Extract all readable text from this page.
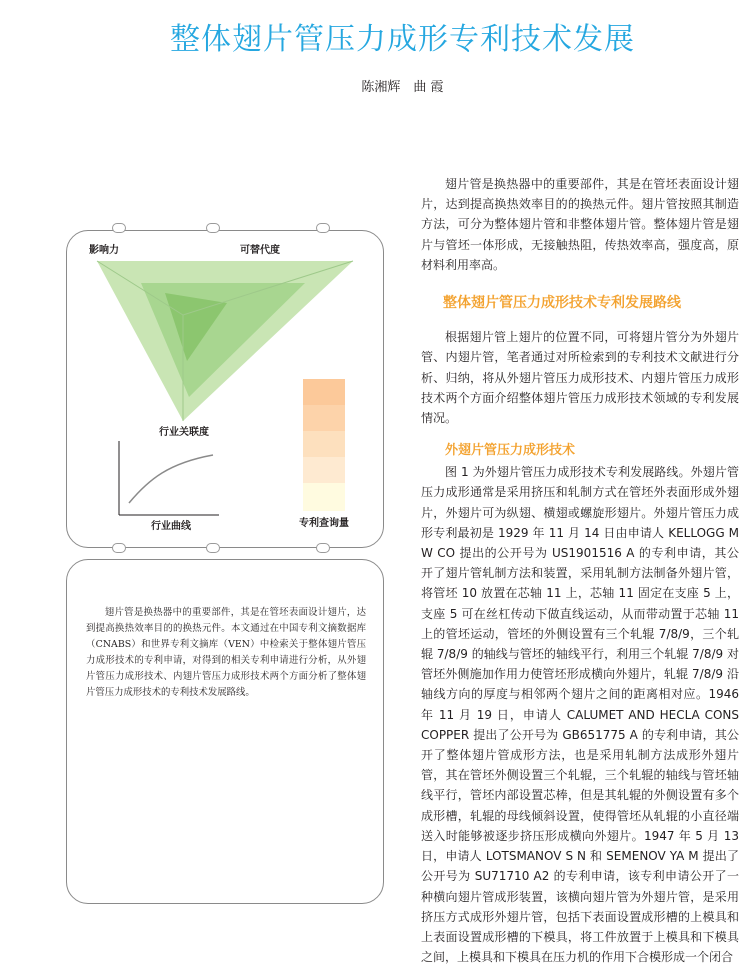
整体翅片管压力成形专利技术发展
陈湘辉　曲 霞
影响力	可替代度
行业关联度
行业曲线	专利查询量
翅片管是换热器中的重要部件，其是在管坯表面设计翅片，达到提高换热效率目的的换热元件。本文通过在中国专利文摘数据库（CNABS）和世界专利文摘库（VEN）中检索关于整体翅片管压力成形技术的专利申请，对得到的相关专利申请进行分析，从外翅片管压力成形技术、内翅片管压力成形技术两个方面分析了整体翅片管压力成形技术的专利技术发展路线。

翅片管是换热器中的重要部件，其是在管坯表面设计翅片，达到提高换热效率目的的换热元件。翅片管按照其制造方法，可分为整体翅片管和非整体翅片管。整体翅片管是翅片与管坯一体形成，无接触热阻，传热效率高，强度高，原材料利用率高。

整体翅片管压力成形技术专利发展路线

根据翅片管上翅片的位置不同，可将翅片管分为外翅片管、内翅片管，笔者通过对所检索到的专利技术文献进行分析、归纳，将从外翅片管压力成形技术、内翅片管压力成形技术两个方面介绍整体翅片管压力成形技术领域的专利发展情况。

外翅片管压力成形技术

图 1 为外翅片管压力成形技术专利发展路线。外翅片管压力成形通常是采用挤压和轧制方式在管坯外表面形成外翅片，外翅片可为纵翅、横翅或螺旋形翅片。外翅片管压力成形专利最初是 1929 年 11 月 14 日由申请人 KELLOGG M W CO 提出的公开号为 US1901516 A 的专利申请，其公开了翅片管轧制方法和装置，采用轧制方法制备外翅片管，将管坯 10 放置在芯轴 11 上，芯轴 11 固定在支座 5 上，支座 5 可在丝杠传动下做直线运动，从而带动置于芯轴 11 上的管坯运动，管坯的外侧设置有三个轧辊 7/8/9，三个轧辊 7/8/9 的轴线与管坯的轴线平行，利用三个轧辊 7/8/9 对管坯外侧施加作用力使管坯形成横向外翅片，轧辊 7/8/9 沿轴线方向的厚度与相邻两个翅片之间的距离相对应。1946 年 11 月 19 日，申请人 CALUMET AND HECLA CONS COPPER 提出了公开号为 GB651775 A 的专利申请，其公开了整体翅片管成形方法，也是采用轧制方法成形外翅片管，其在管坯外侧设置三个轧辊，三个轧辊的轴线与管坯轴线平行，管坯内部设置芯棒，但是其轧辊的外侧设置有多个成形槽，轧辊的母线倾斜设置，使得管坯从轧辊的小直径端送入时能够被逐步挤压形成横向外翅片。1947 年 5 月 13 日，申请人 LOTSMANOV S N 和 SEMENOV YA M 提出了公开号为 SU71710 A2 的专利申请，该专利申请公开了一种横向翅片管成形装置，该横向翅片管为外翅片管，是采用挤压方式成形外翅片管，包括下表面设置成形槽的上模具和上表面设置成形槽的下模具，将工件放置于上模具和下模具之间，上模具和下模具在压力机的作用下合模形成一个闭合
